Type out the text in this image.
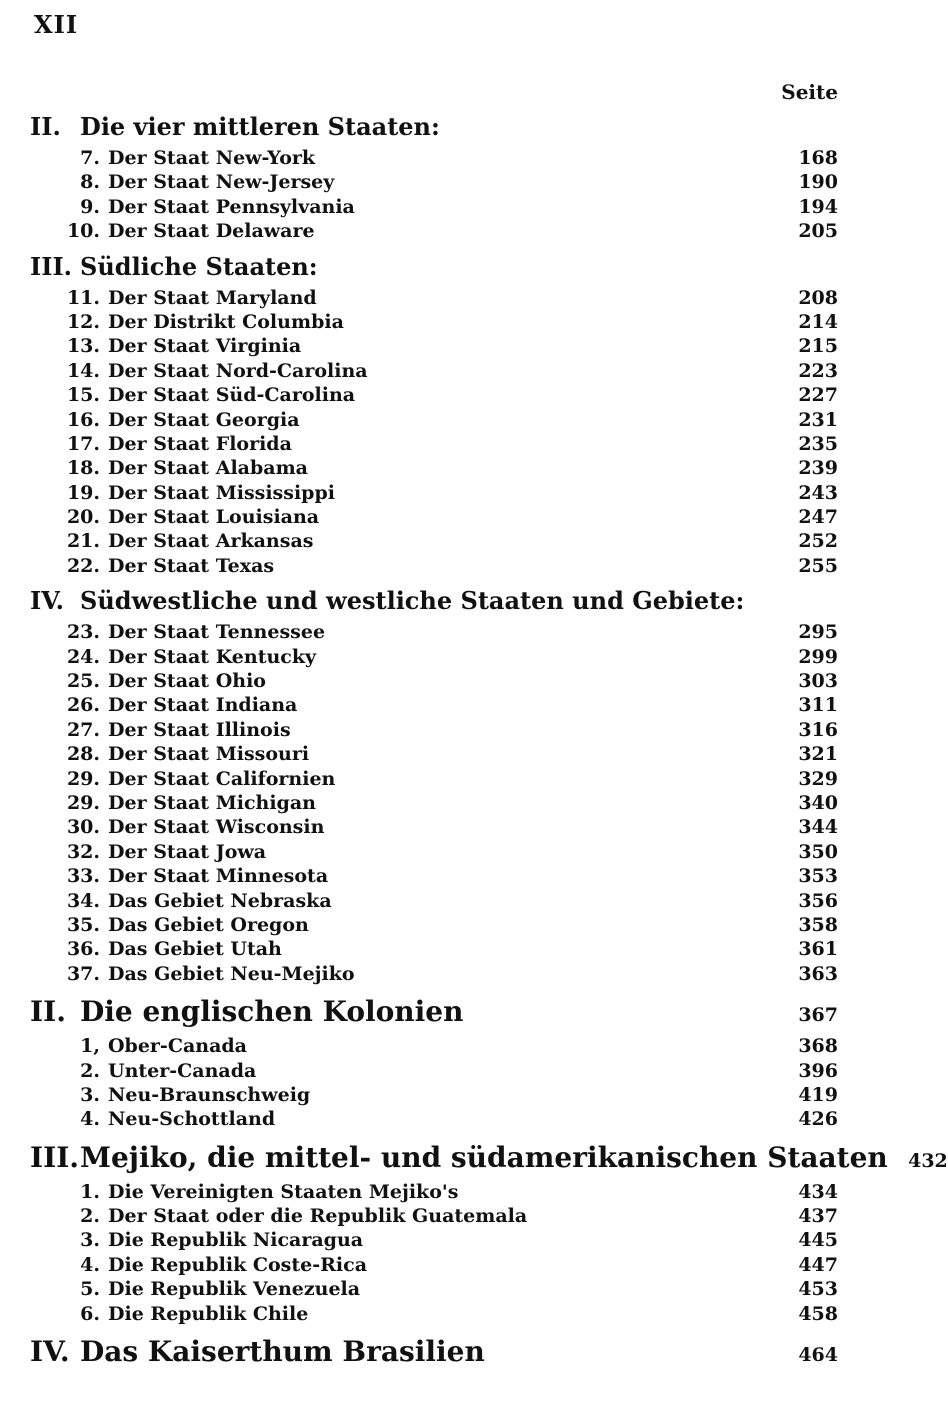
XII
Seite
II. Die vier mittleren Staaten:
7. Der Staat New-York	168
8. Der Staat New-Jersey	190
9. Der Staat Pennsylvania	194
10. Der Staat Delaware	205
III. Südliche Staaten:
11. Der Staat Maryland	208
12. Der Distrikt Columbia	214
13. Der Staat Virginia	215
14. Der Staat Nord-Carolina	223
15. Der Staat Süd-Carolina	227
16. Der Staat Georgia	231
17. Der Staat Florida	235
18. Der Staat Alabama	239
19. Der Staat Mississippi	243
20. Der Staat Louisiana	247
21. Der Staat Arkansas	252
22. Der Staat Texas	255
IV. Südwestliche und westliche Staaten und Gebiete:
23. Der Staat Tennessee	295
24. Der Staat Kentucky	299
25. Der Staat Ohio	303
26. Der Staat Indiana	311
27. Der Staat Illinois	316
28. Der Staat Missouri	321
29. Der Staat Californien	329
29. Der Staat Michigan	340
30. Der Staat Wisconsin	344
32. Der Staat Jowa	350
33. Der Staat Minnesota	353
34. Das Gebiet Nebraska	356
35. Das Gebiet Oregon	358
36. Das Gebiet Utah	361
37. Das Gebiet Neu-Mejiko	363
II. Die englischen Kolonien	367
1, Ober-Canada	368
2. Unter-Canada	396
3. Neu-Braunschweig	419
4. Neu-Schottland	426
III. Mejiko, die mittel- und südamerikanischen Staaten	432
1. Die Vereinigten Staaten Mejiko's	434
2. Der Staat oder die Republik Guatemala	437
3. Die Republik Nicaragua	445
4. Die Republik Coste-Rica	447
5. Die Republik Venezuela	453
6. Die Republik Chile	458
IV. Das Kaiserthum Brasilien	464
